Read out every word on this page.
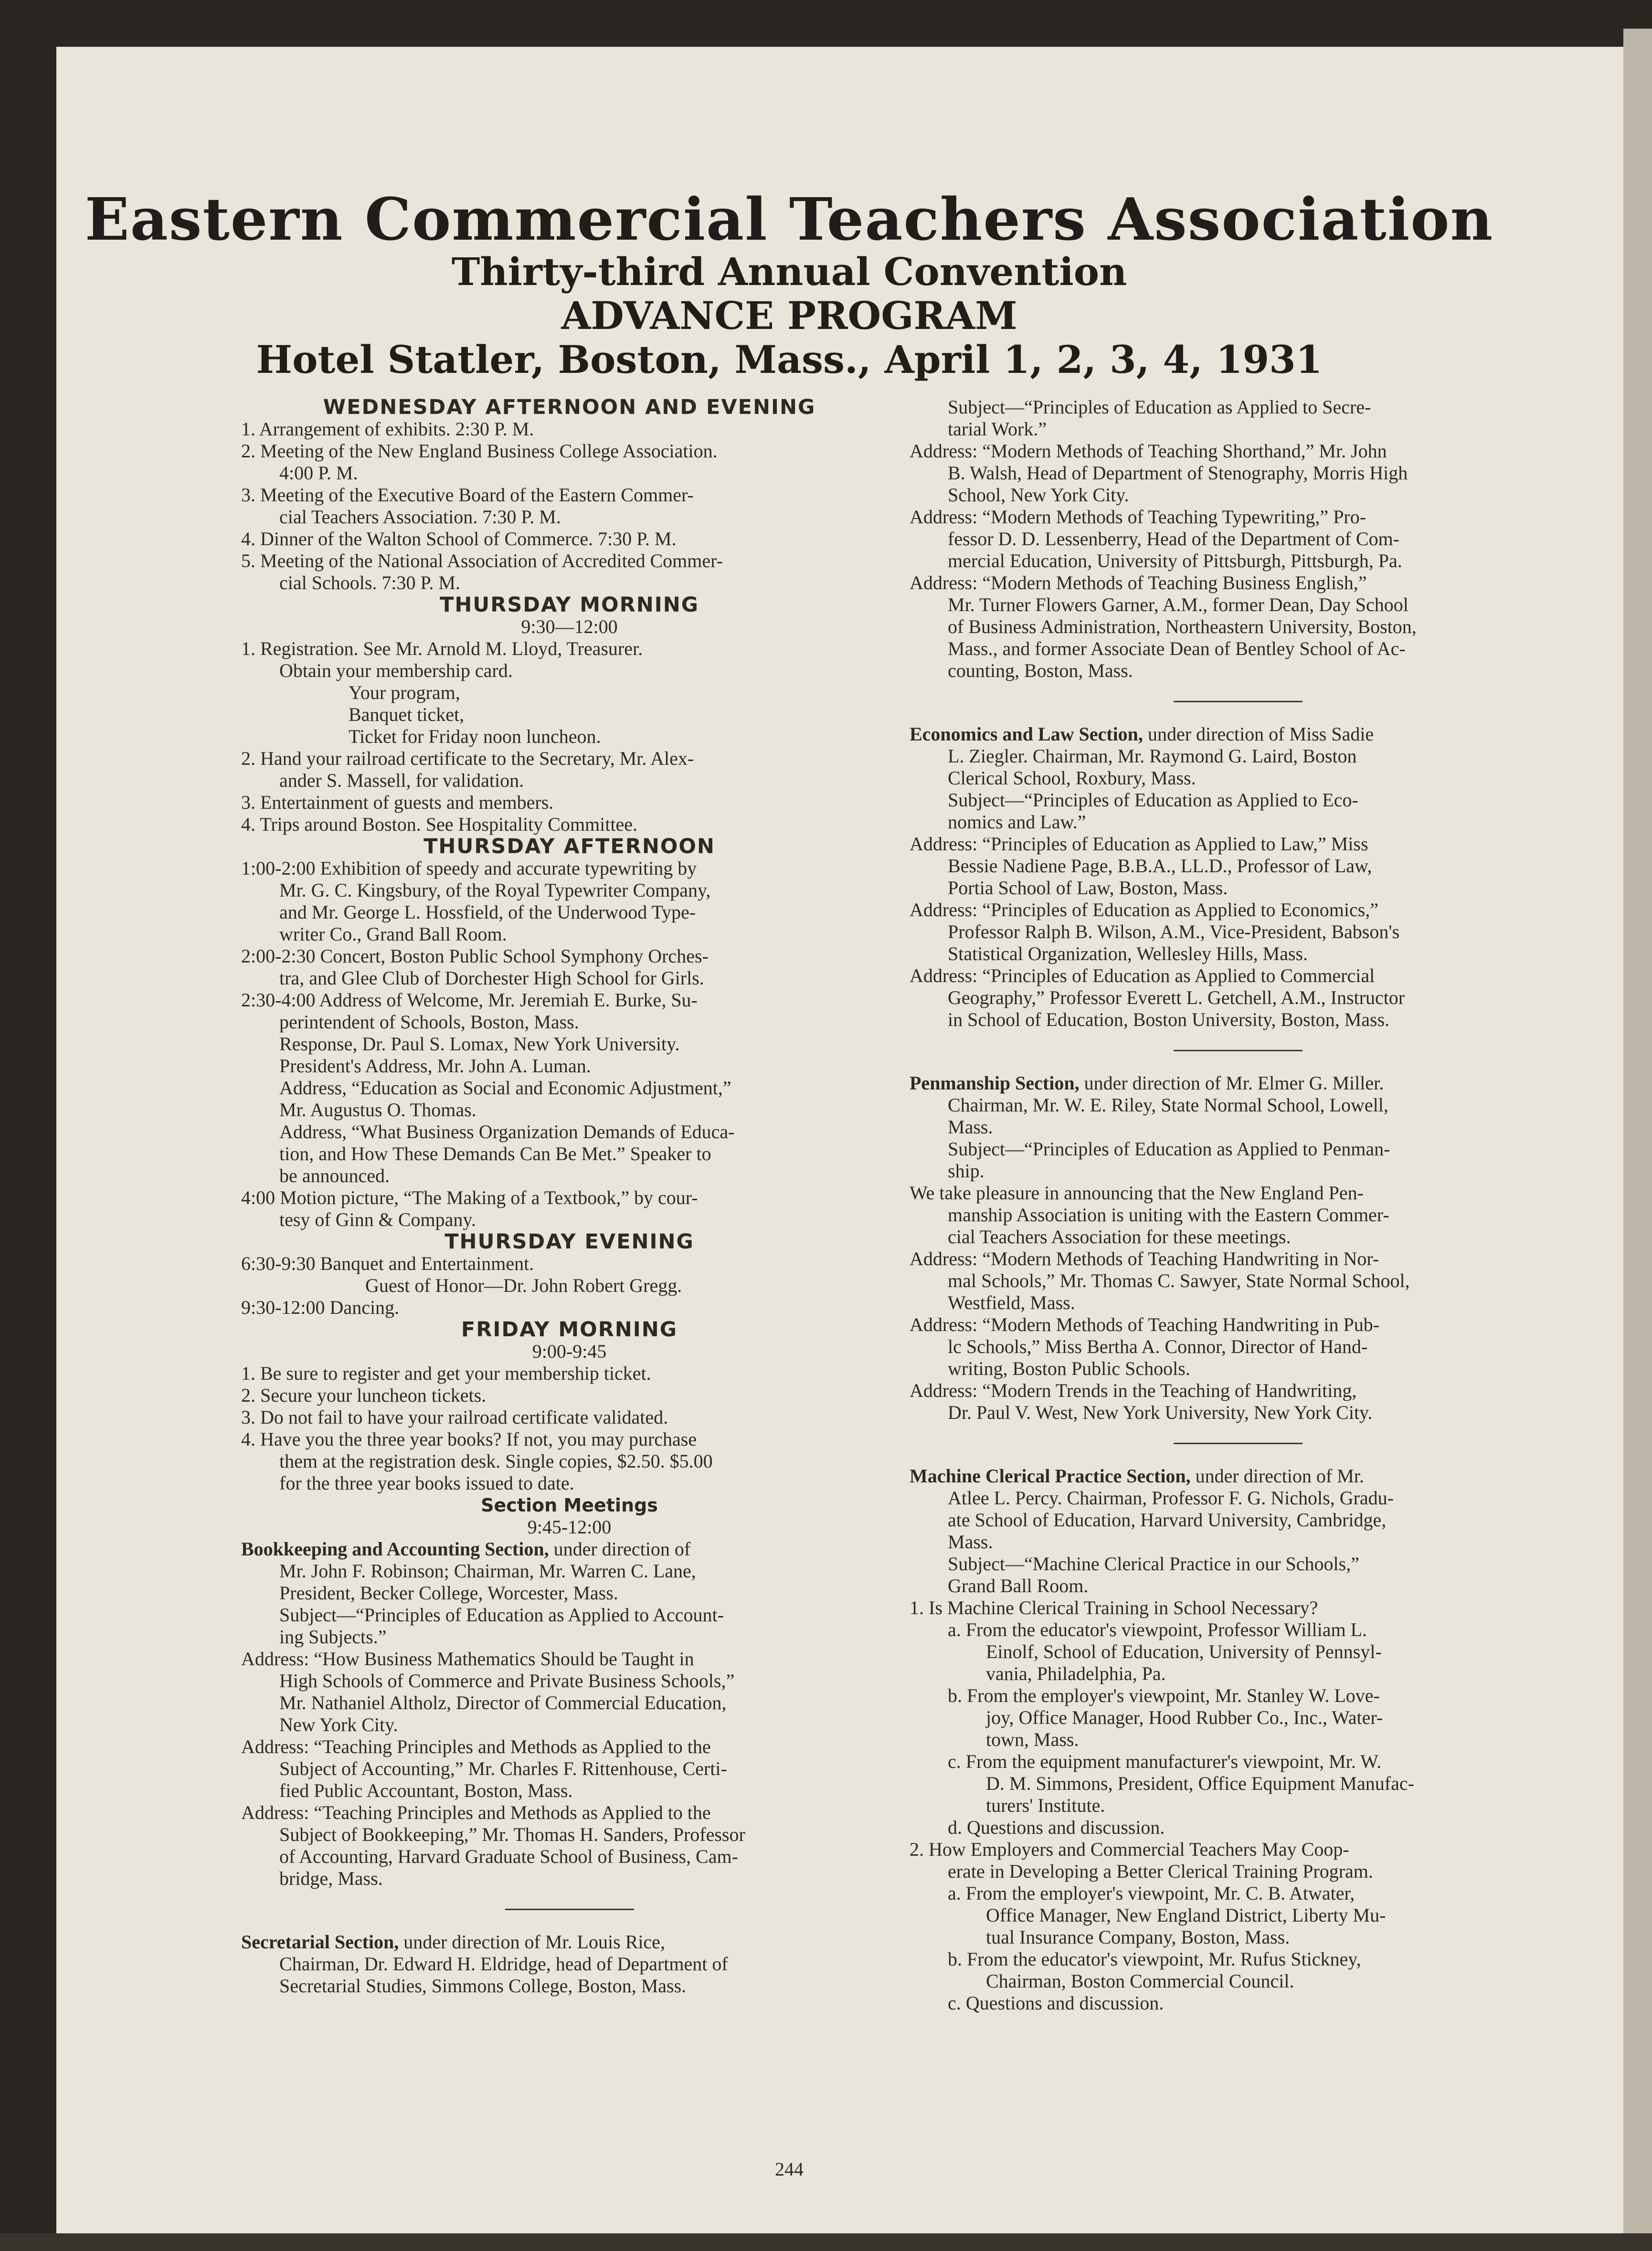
Eastern Commercial Teachers Association
Thirty-third Annual Convention
ADVANCE PROGRAM
Hotel Statler, Boston, Mass., April 1, 2, 3, 4, 1931
WEDNESDAY AFTERNOON AND EVENING
1. Arrangement of exhibits. 2:30 P. M.
2. Meeting of the New England Business College Association.
4:00 P. M.
3. Meeting of the Executive Board of the Eastern Commer-
cial Teachers Association. 7:30 P. M.
4. Dinner of the Walton School of Commerce. 7:30 P. M.
5. Meeting of the National Association of Accredited Commer-
cial Schools. 7:30 P. M.
THURSDAY MORNING
9:30—12:00
1. Registration. See Mr. Arnold M. Lloyd, Treasurer.
Obtain your membership card.
Your program,
Banquet ticket,
Ticket for Friday noon luncheon.
2. Hand your railroad certificate to the Secretary, Mr. Alex-
ander S. Massell, for validation.
3. Entertainment of guests and members.
4. Trips around Boston. See Hospitality Committee.
THURSDAY AFTERNOON
1:00-2:00 Exhibition of speedy and accurate typewriting by
Mr. G. C. Kingsbury, of the Royal Typewriter Company,
and Mr. George L. Hossfield, of the Underwood Type-
writer Co., Grand Ball Room.
2:00-2:30 Concert, Boston Public School Symphony Orches-
tra, and Glee Club of Dorchester High School for Girls.
2:30-4:00 Address of Welcome, Mr. Jeremiah E. Burke, Su-
perintendent of Schools, Boston, Mass.
Response, Dr. Paul S. Lomax, New York University.
President's Address, Mr. John A. Luman.
Address, “Education as Social and Economic Adjustment,”
Mr. Augustus O. Thomas.
Address, “What Business Organization Demands of Educa-
tion, and How These Demands Can Be Met.” Speaker to
be announced.
4:00 Motion picture, “The Making of a Textbook,” by cour-
tesy of Ginn & Company.
THURSDAY EVENING
6:30-9:30 Banquet and Entertainment.
Guest of Honor—Dr. John Robert Gregg.
9:30-12:00 Dancing.
FRIDAY MORNING
9:00-9:45
1. Be sure to register and get your membership ticket.
2. Secure your luncheon tickets.
3. Do not fail to have your railroad certificate validated.
4. Have you the three year books? If not, you may purchase
them at the registration desk. Single copies, $2.50. $5.00
for the three year books issued to date.
Section Meetings
9:45-12:00
Bookkeeping and Accounting Section, under direction of
Mr. John F. Robinson; Chairman, Mr. Warren C. Lane,
President, Becker College, Worcester, Mass.
Subject—“Principles of Education as Applied to Account-
ing Subjects.”
Address: “How Business Mathematics Should be Taught in
High Schools of Commerce and Private Business Schools,”
Mr. Nathaniel Altholz, Director of Commercial Education,
New York City.
Address: “Teaching Principles and Methods as Applied to the
Subject of Accounting,” Mr. Charles F. Rittenhouse, Certi-
fied Public Accountant, Boston, Mass.
Address: “Teaching Principles and Methods as Applied to the
Subject of Bookkeeping,” Mr. Thomas H. Sanders, Professor
of Accounting, Harvard Graduate School of Business, Cam-
bridge, Mass.
Secretarial Section, under direction of Mr. Louis Rice,
Chairman, Dr. Edward H. Eldridge, head of Department of
Secretarial Studies, Simmons College, Boston, Mass.
Subject—“Principles of Education as Applied to Secre-
tarial Work.”
Address: “Modern Methods of Teaching Shorthand,” Mr. John
B. Walsh, Head of Department of Stenography, Morris High
School, New York City.
Address: “Modern Methods of Teaching Typewriting,” Pro-
fessor D. D. Lessenberry, Head of the Department of Com-
mercial Education, University of Pittsburgh, Pittsburgh, Pa.
Address: “Modern Methods of Teaching Business English,”
Mr. Turner Flowers Garner, A.M., former Dean, Day School
of Business Administration, Northeastern University, Boston,
Mass., and former Associate Dean of Bentley School of Ac-
counting, Boston, Mass.
Economics and Law Section, under direction of Miss Sadie
L. Ziegler. Chairman, Mr. Raymond G. Laird, Boston
Clerical School, Roxbury, Mass.
Subject—“Principles of Education as Applied to Eco-
nomics and Law.”
Address: “Principles of Education as Applied to Law,” Miss
Bessie Nadiene Page, B.B.A., LL.D., Professor of Law,
Portia School of Law, Boston, Mass.
Address: “Principles of Education as Applied to Economics,”
Professor Ralph B. Wilson, A.M., Vice-President, Babson's
Statistical Organization, Wellesley Hills, Mass.
Address: “Principles of Education as Applied to Commercial
Geography,” Professor Everett L. Getchell, A.M., Instructor
in School of Education, Boston University, Boston, Mass.
Penmanship Section, under direction of Mr. Elmer G. Miller.
Chairman, Mr. W. E. Riley, State Normal School, Lowell,
Mass.
Subject—“Principles of Education as Applied to Penman-
ship.
We take pleasure in announcing that the New England Pen-
manship Association is uniting with the Eastern Commer-
cial Teachers Association for these meetings.
Address: “Modern Methods of Teaching Handwriting in Nor-
mal Schools,” Mr. Thomas C. Sawyer, State Normal School,
Westfield, Mass.
Address: “Modern Methods of Teaching Handwriting in Pub-
lc Schools,” Miss Bertha A. Connor, Director of Hand-
writing, Boston Public Schools.
Address: “Modern Trends in the Teaching of Handwriting,
Dr. Paul V. West, New York University, New York City.
Machine Clerical Practice Section, under direction of Mr.
Atlee L. Percy. Chairman, Professor F. G. Nichols, Gradu-
ate School of Education, Harvard University, Cambridge,
Mass.
Subject—“Machine Clerical Practice in our Schools,”
Grand Ball Room.
1. Is Machine Clerical Training in School Necessary?
a. From the educator's viewpoint, Professor William L.
Einolf, School of Education, University of Pennsyl-
vania, Philadelphia, Pa.
b. From the employer's viewpoint, Mr. Stanley W. Love-
joy, Office Manager, Hood Rubber Co., Inc., Water-
town, Mass.
c. From the equipment manufacturer's viewpoint, Mr. W.
D. M. Simmons, President, Office Equipment Manufac-
turers' Institute.
d. Questions and discussion.
2. How Employers and Commercial Teachers May Coop-
erate in Developing a Better Clerical Training Program.
a. From the employer's viewpoint, Mr. C. B. Atwater,
Office Manager, New England District, Liberty Mu-
tual Insurance Company, Boston, Mass.
b. From the educator's viewpoint, Mr. Rufus Stickney,
Chairman, Boston Commercial Council.
c. Questions and discussion.
244
